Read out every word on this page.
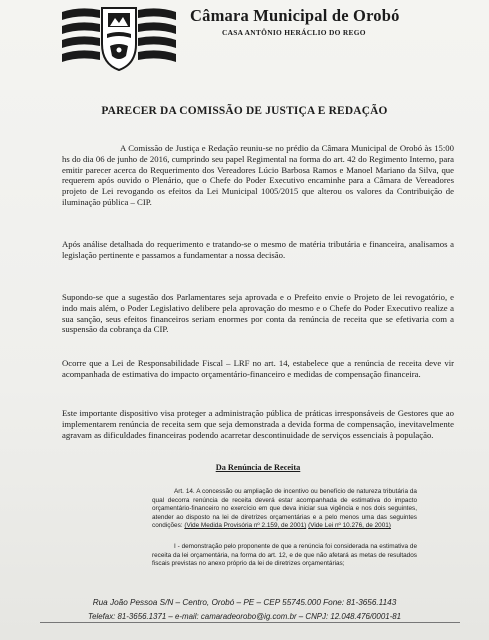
Câmara Municipal de Orobó
CASA ANTÔNIO HERÁCLIO DO REGO
PARECER DA COMISSÃO DE JUSTIÇA E REDAÇÃO

A Comissão de Justiça e Redação reuniu-se no prédio da Câmara Municipal de Orobó às 15:00 hs do dia 06 de junho de 2016, cumprindo seu papel Regimental na forma do art. 42 do Regimento Interno, para emitir parecer acerca do Requerimento dos Vereadores Lúcio Barbosa Ramos e Manoel Mariano da Silva, que requerem após ouvido o Plenário, que o Chefe do Poder Executivo encaminhe para a Câmara de Vereadores projeto de Lei revogando os efeitos da Lei Municipal 1005/2015 que alterou os valores da Contribuição de iluminação pública – CIP.

Após análise detalhada do requerimento e tratando-se o mesmo de matéria tributária e financeira, analisamos a legislação pertinente e passamos a fundamentar a nossa decisão.

Supondo-se que a sugestão dos Parlamentares seja aprovada e o Prefeito envie o Projeto de lei revogatório, e indo mais além, o Poder Legislativo delibere pela aprovação do mesmo e o Chefe do Poder Executivo realize a sua sanção, seus efeitos financeiros seriam enormes por conta da renúncia de receita que se efetivaria com a suspensão da cobrança da CIP.

Ocorre que a Lei de Responsabilidade Fiscal – LRF no art. 14, estabelece que a renúncia de receita deve vir acompanhada de estimativa do impacto orçamentário-financeiro e medidas de compensação financeira.

Este importante dispositivo visa proteger a administração pública de práticas irresponsáveis de Gestores que ao implementarem renúncia de receita sem que seja demonstrada a devida forma de compensação, inevitavelmente agravam as dificuldades financeiras podendo acarretar descontinuidade de serviços essenciais à população.

Da Renúncia de Receita

Art. 14. A concessão ou ampliação de incentivo ou benefício de natureza tributária da qual decorra renúncia de receita deverá estar acompanhada de estimativa do impacto orçamentário-financeiro no exercício em que deva iniciar sua vigência e nos dois seguintes, atender ao disposto na lei de diretrizes orçamentárias e a pelo menos uma das seguintes condições: (Vide Medida Provisória nº 2.159, de 2001) (Vide Lei nº 10.276, de 2001)

I - demonstração pelo proponente de que a renúncia foi considerada na estimativa de receita da lei orçamentária, na forma do art. 12, e de que não afetará as metas de resultados fiscais previstas no anexo próprio da lei de diretrizes orçamentárias;

Rua João Pessoa S/N – Centro, Orobó – PE – CEP 55745.000 Fone: 81-3656.1143
Telefax: 81-3656.1371 – e-mail: camaradeorobo@ig.com.br – CNPJ: 12.048.476/0001-81
